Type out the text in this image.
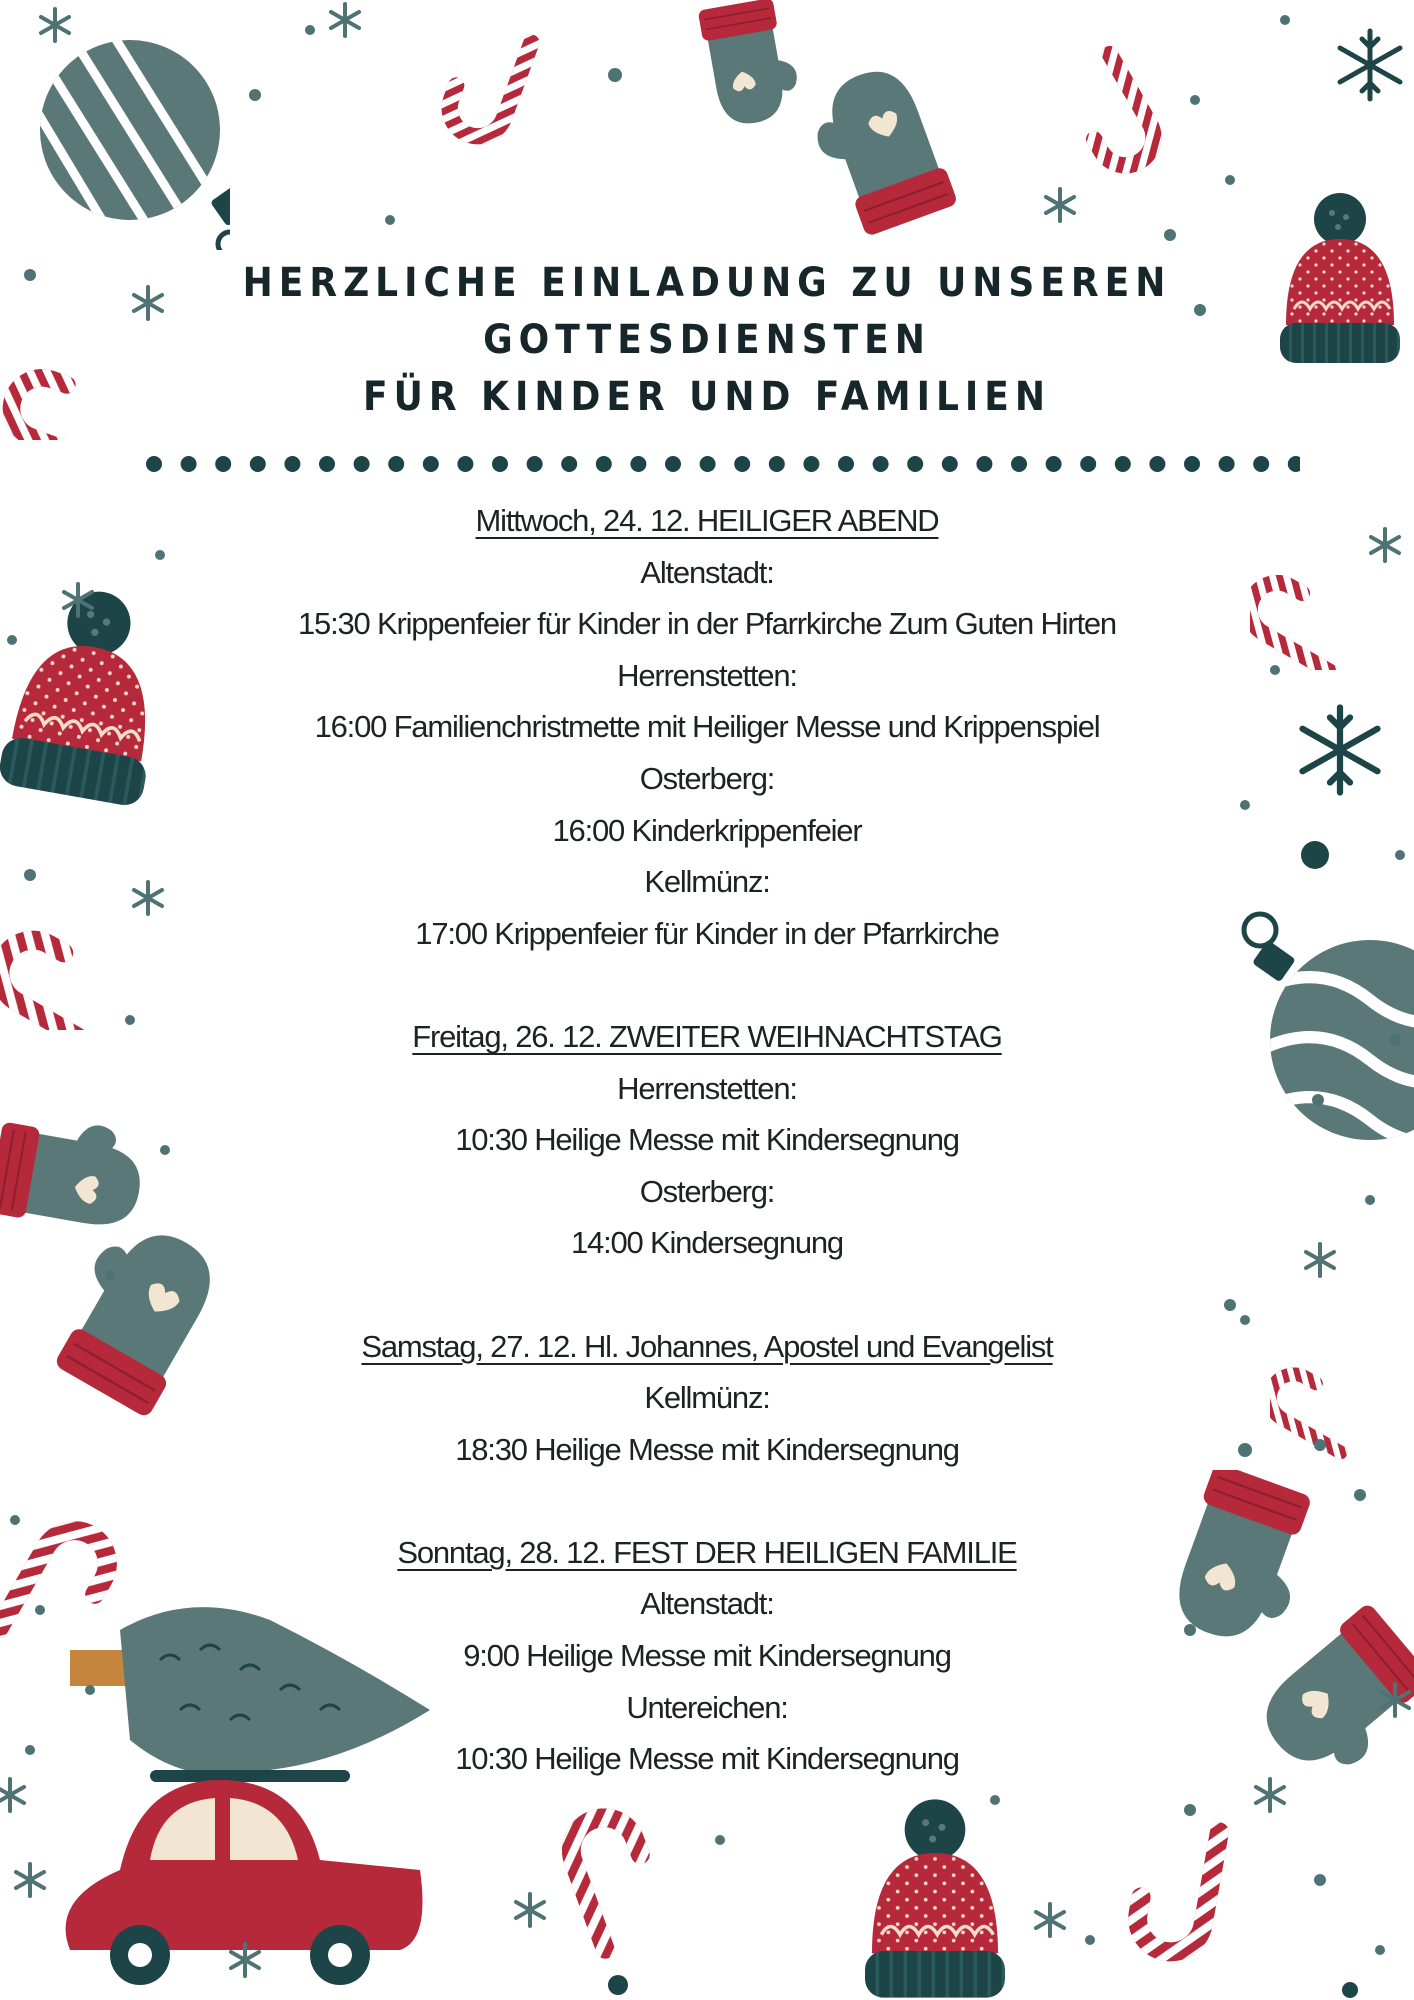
HERZLICHE EINLADUNG ZU UNSEREN
GOTTESDIENSTEN
FÜR KINDER UND FAMILIEN

Mittwoch, 24. 12. HEILIGER ABEND

Altenstadt:

15:30 Krippenfeier für Kinder in der Pfarrkirche Zum Guten Hirten

Herrenstetten:

16:00 Familienchristmette mit Heiliger Messe und Krippenspiel

Osterberg:

16:00 Kinderkrippenfeier

Kellmünz:

17:00 Krippenfeier für Kinder in der Pfarrkirche

Freitag, 26. 12. ZWEITER WEIHNACHTSTAG

Herrenstetten:

10:30 Heilige Messe mit Kindersegnung

Osterberg:

14:00 Kindersegnung

Samstag, 27. 12. Hl. Johannes, Apostel und Evangelist

Kellmünz:

18:30 Heilige Messe mit Kindersegnung

Sonntag, 28. 12. FEST DER HEILIGEN FAMILIE

Altenstadt:

9:00 Heilige Messe mit Kindersegnung

Untereichen:

10:30 Heilige Messe mit Kindersegnung
